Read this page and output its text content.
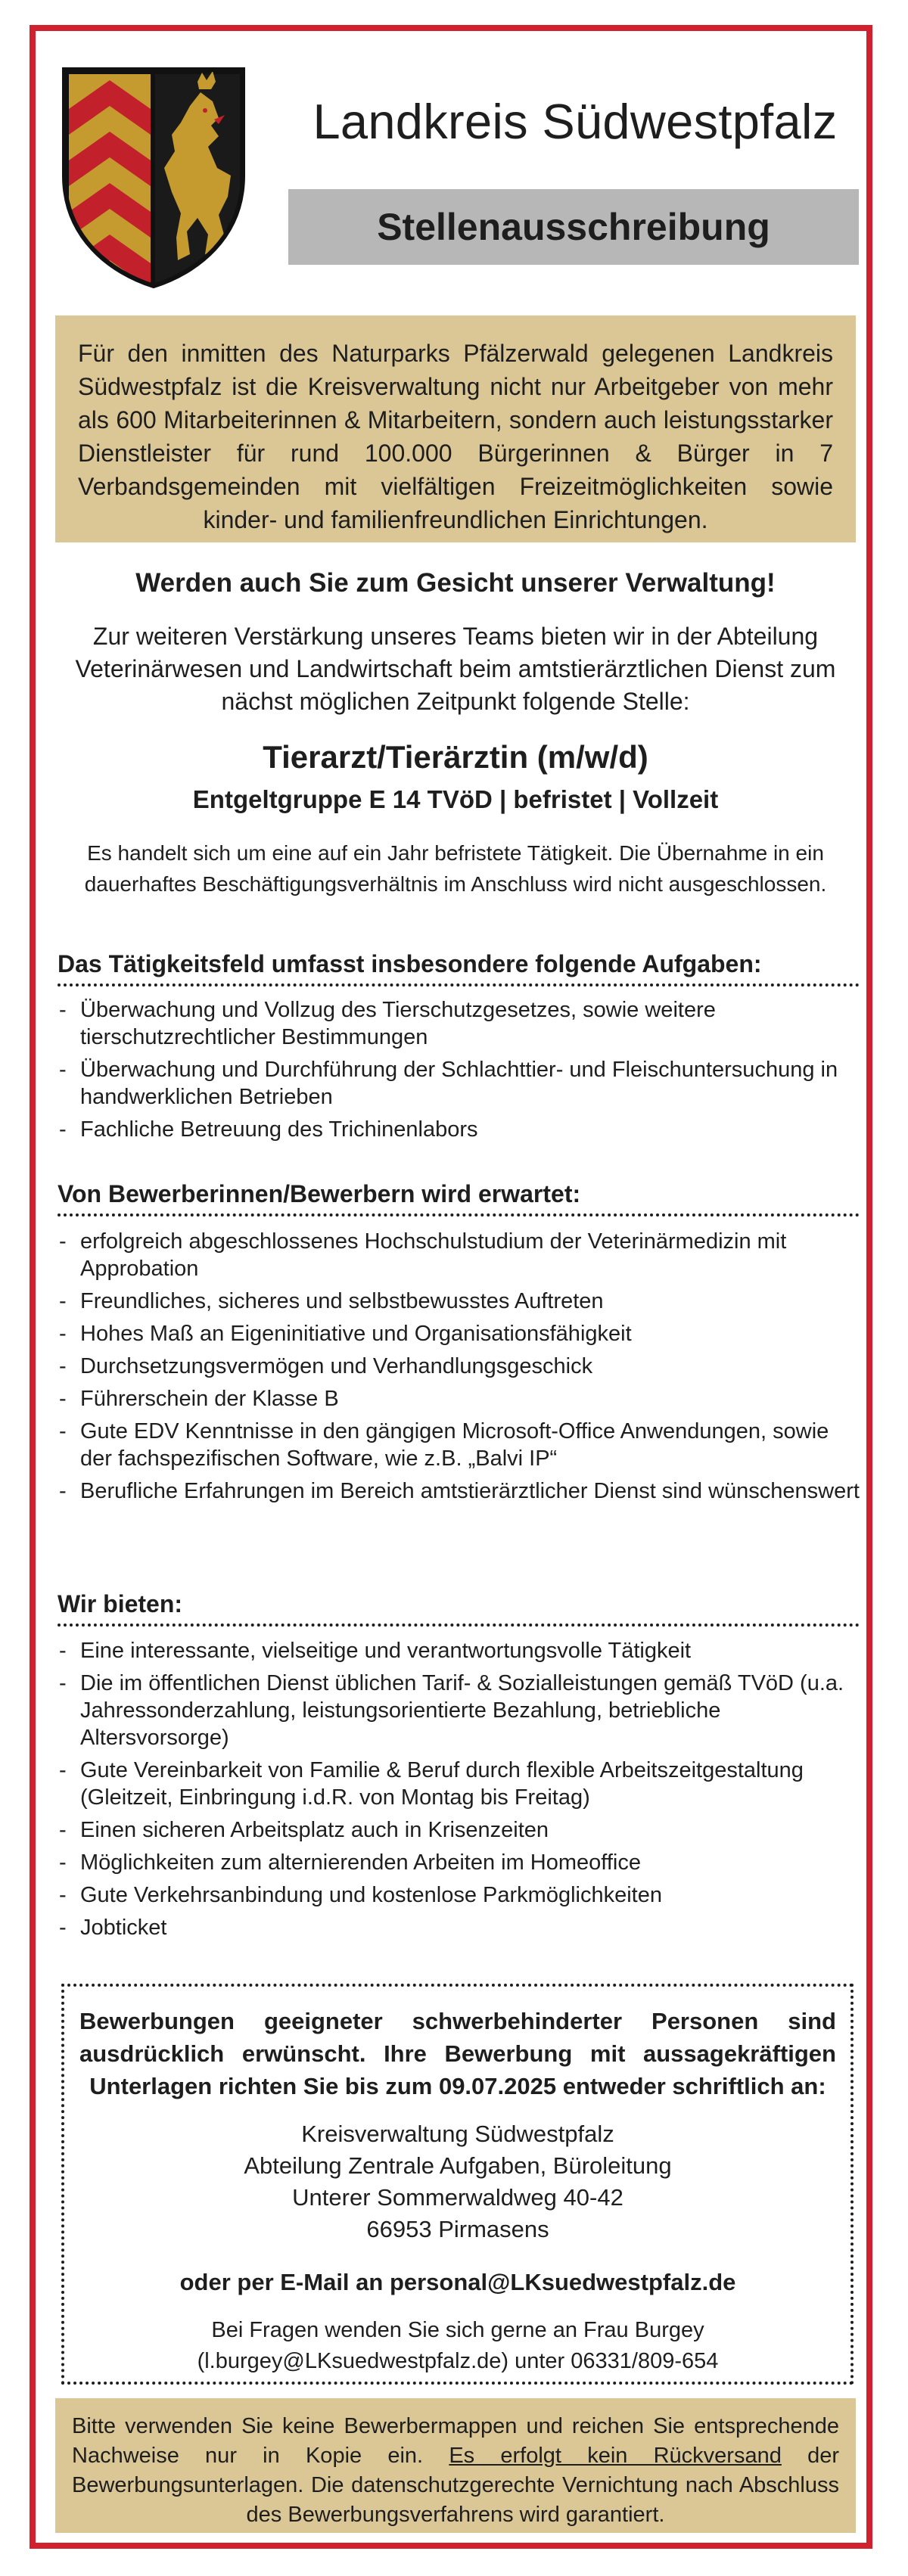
Landkreis Südwestpfalz
Stellenausschreibung
Für den inmitten des Naturparks Pfälzerwald gelegenen Landkreis Südwestpfalz ist die Kreisverwaltung nicht nur Arbeitgeber von mehr als 600 Mitarbeiterinnen & Mitarbeitern, sondern auch leistungsstarker Dienstleister für rund 100.000 Bürgerinnen & Bürger in 7 Verbandsgemeinden mit vielfältigen Freizeitmöglichkeiten sowie kinder- und familienfreundlichen Einrichtungen.
Werden auch Sie zum Gesicht unserer Verwaltung!
Zur weiteren Verstärkung unseres Teams bieten wir in der Abteilung Veterinärwesen und Landwirtschaft beim amtstierärztlichen Dienst zum nächst möglichen Zeitpunkt folgende Stelle:
Tierarzt/Tierärztin (m/w/d)
Entgeltgruppe E 14 TVöD | befristet | Vollzeit
Es handelt sich um eine auf ein Jahr befristete Tätigkeit. Die Übernahme in ein dauerhaftes Beschäftigungsverhältnis im Anschluss wird nicht ausgeschlossen.
Das Tätigkeitsfeld umfasst insbesondere folgende Aufgaben:
- Überwachung und Vollzug des Tierschutzgesetzes, sowie weitere tierschutzrechtlicher Bestimmungen
- Überwachung und Durchführung der Schlachttier- und Fleischuntersuchung in handwerklichen Betrieben
- Fachliche Betreuung des Trichinenlabors
Von Bewerberinnen/Bewerbern wird erwartet:
- erfolgreich abgeschlossenes Hochschulstudium der Veterinärmedizin mit Approbation
- Freundliches, sicheres und selbstbewusstes Auftreten
- Hohes Maß an Eigeninitiative und Organisationsfähigkeit
- Durchsetzungsvermögen und Verhandlungsgeschick
- Führerschein der Klasse B
- Gute EDV Kenntnisse in den gängigen Microsoft-Office Anwendungen, sowie der fachspezifischen Software, wie z.B. „Balvi IP“
- Berufliche Erfahrungen im Bereich amtstierärztlicher Dienst sind wünschenswert
Wir bieten:
- Eine interessante, vielseitige und verantwortungsvolle Tätigkeit
- Die im öffentlichen Dienst üblichen Tarif- & Sozialleistungen gemäß TVöD (u.a. Jahressonderzahlung, leistungsorientierte Bezahlung, betriebliche Altersvorsorge)
- Gute Vereinbarkeit von Familie & Beruf durch flexible Arbeitszeitgestaltung (Gleitzeit, Einbringung i.d.R. von Montag bis Freitag)
- Einen sicheren Arbeitsplatz auch in Krisenzeiten
- Möglichkeiten zum alternierenden Arbeiten im Homeoffice
- Gute Verkehrsanbindung und kostenlose Parkmöglichkeiten
- Jobticket
Bewerbungen geeigneter schwerbehinderter Personen sind ausdrücklich erwünscht. Ihre Bewerbung mit aussagekräftigen Unterlagen richten Sie bis zum 09.07.2025 entweder schriftlich an:
Kreisverwaltung Südwestpfalz
Abteilung Zentrale Aufgaben, Büroleitung
Unterer Sommerwaldweg 40-42
66953 Pirmasens
oder per E-Mail an personal@LKsuedwestpfalz.de
Bei Fragen wenden Sie sich gerne an Frau Burgey
(l.burgey@LKsuedwestpfalz.de) unter 06331/809-654
Bitte verwenden Sie keine Bewerbermappen und reichen Sie entsprechende Nachweise nur in Kopie ein. Es erfolgt kein Rückversand der Bewerbungsunterlagen. Die datenschutzgerechte Vernichtung nach Abschluss des Bewerbungsverfahrens wird garantiert.
